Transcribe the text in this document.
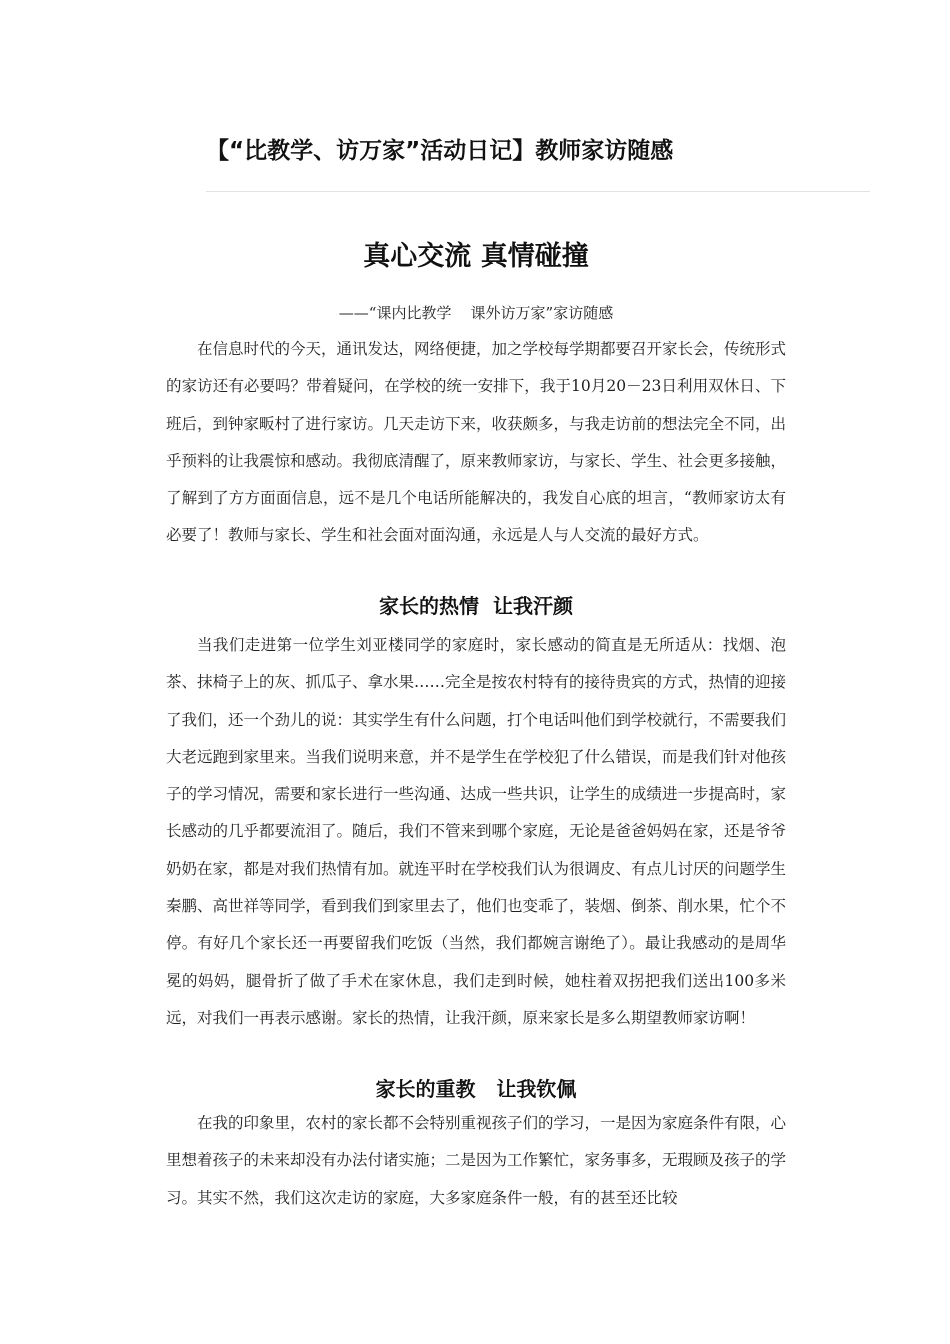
【“比教学、访万家”活动日记】教师家访随感
真心交流 真情碰撞
——“课内比教学    课外访万家”家访随感

在信息时代的今天，通讯发达，网络便捷，加之学校每学期都要召开家长会，传统形式的家访还有必要吗？带着疑问，在学校的统一安排下，我于10月20－23日利用双休日、下班后，到钟家畈村了进行家访。几天走访下来，收获颇多，与我走访前的想法完全不同，出乎预料的让我震惊和感动。我彻底清醒了，原来教师家访，与家长、学生、社会更多接触，了解到了方方面面信息，远不是几个电话所能解决的，我发自心底的坦言，“教师家访太有必要了！教师与家长、学生和社会面对面沟通，永远是人与人交流的最好方式。

家长的热情  让我汗颜

当我们走进第一位学生刘亚楼同学的家庭时，家长感动的简直是无所适从：找烟、泡茶、抹椅子上的灰、抓瓜子、拿水果……完全是按农村特有的接待贵宾的方式，热情的迎接了我们，还一个劲儿的说：其实学生有什么问题，打个电话叫他们到学校就行，不需要我们大老远跑到家里来。当我们说明来意，并不是学生在学校犯了什么错误，而是我们针对他孩子的学习情况，需要和家长进行一些沟通、达成一些共识，让学生的成绩进一步提高时，家长感动的几乎都要流泪了。随后，我们不管来到哪个家庭，无论是爸爸妈妈在家，还是爷爷奶奶在家，都是对我们热情有加。就连平时在学校我们认为很调皮、有点儿讨厌的问题学生秦鹏、高世祥等同学，看到我们到家里去了，他们也变乖了，装烟、倒茶、削水果，忙个不停。有好几个家长还一再要留我们吃饭（当然，我们都婉言谢绝了）。最让我感动的是周华冕的妈妈，腿骨折了做了手术在家休息，我们走到时候，她柱着双拐把我们送出100多米远，对我们一再表示感谢。家长的热情，让我汗颜，原来家长是多么期望教师家访啊！

家长的重教   让我钦佩

在我的印象里，农村的家长都不会特别重视孩子们的学习，一是因为家庭条件有限，心里想着孩子的未来却没有办法付诸实施；二是因为工作繁忙，家务事多，无瑕顾及孩子的学习。其实不然，我们这次走访的家庭，大多家庭条件一般，有的甚至还比较
